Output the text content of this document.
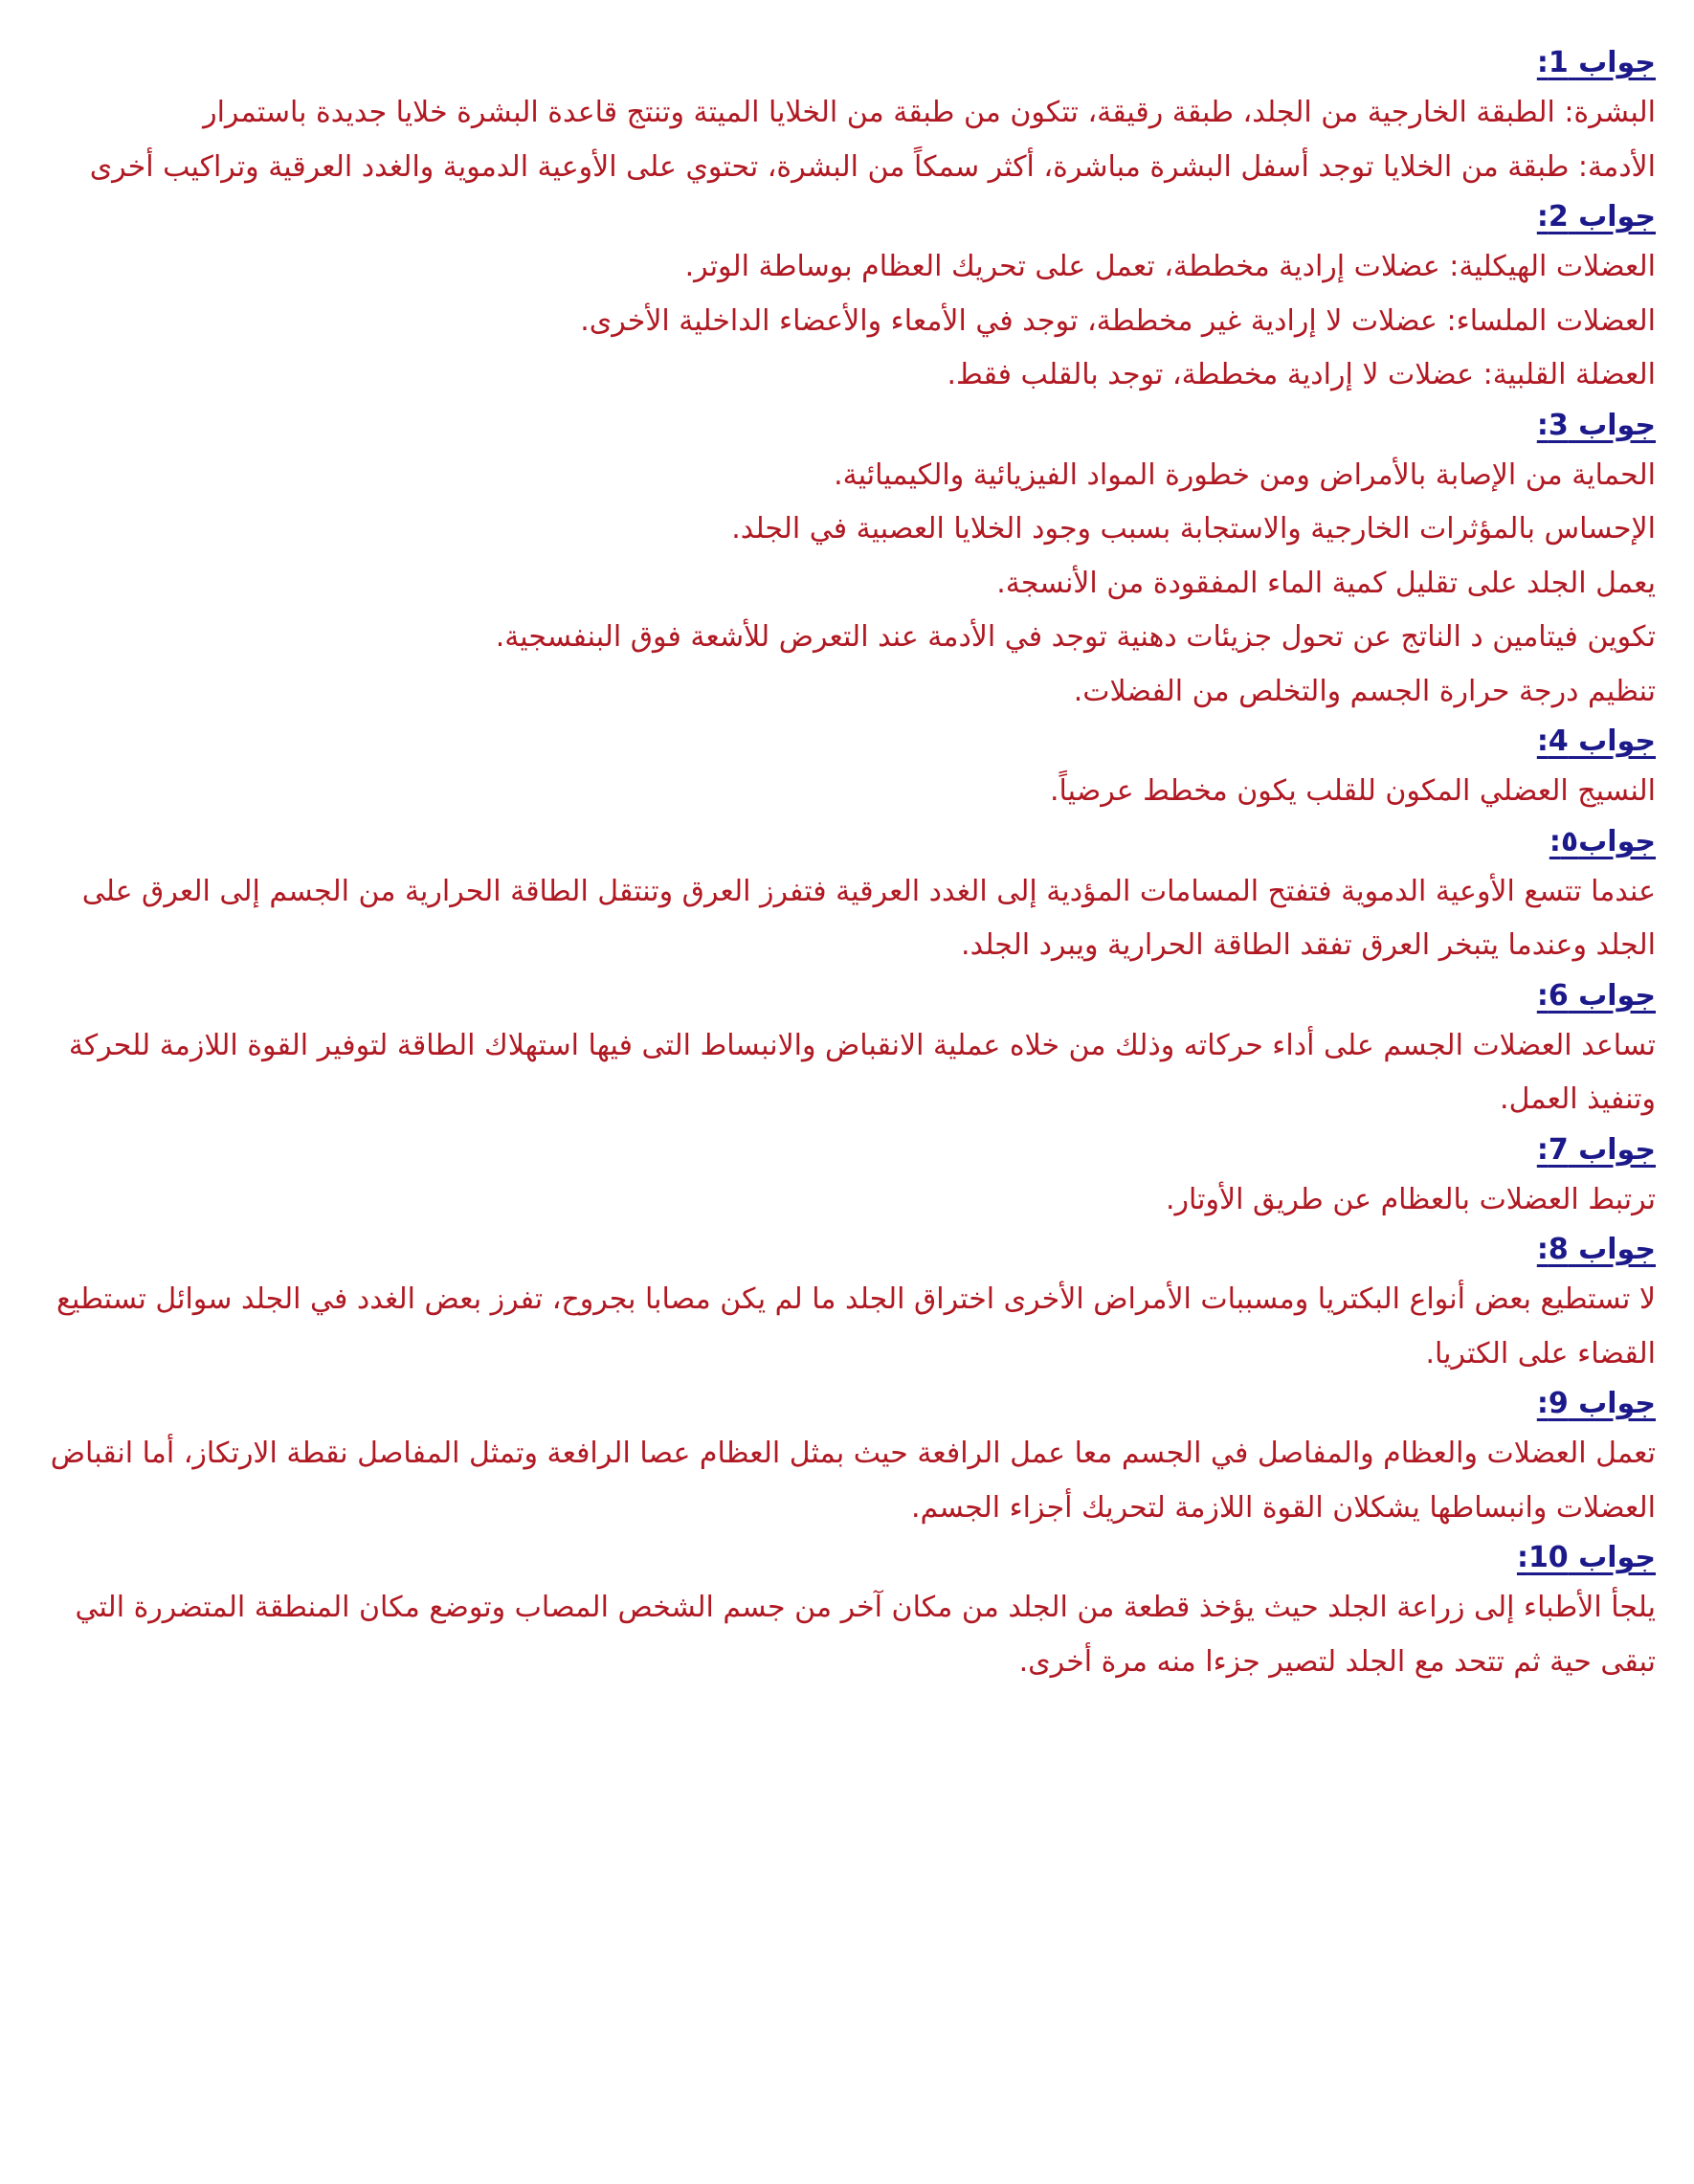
جواب 1:

البشرة: الطبقة الخارجية من الجلد، طبقة رقيقة، تتكون من طبقة من الخلايا الميتة وتنتج قاعدة البشرة خلايا جديدة باستمرار

الأدمة: طبقة من الخلايا توجد أسفل البشرة مباشرة، أكثر سمكاً من البشرة، تحتوي على الأوعية الدموية والغدد العرقية وتراكيب أخرى

جواب 2:

العضلات الهيكلية: عضلات إرادية مخططة، تعمل على تحريك العظام بوساطة الوتر.

العضلات الملساء: عضلات لا إرادية غير مخططة، توجد في الأمعاء والأعضاء الداخلية الأخرى.

العضلة القلبية: عضلات لا إرادية مخططة، توجد بالقلب فقط.

جواب 3:

الحماية من الإصابة بالأمراض ومن خطورة المواد الفيزيائية والكيميائية.

الإحساس بالمؤثرات الخارجية والاستجابة بسبب وجود الخلايا العصبية في الجلد.

يعمل الجلد على تقليل كمية الماء المفقودة من الأنسجة.

تكوين فيتامين د الناتج عن تحول جزيئات دهنية توجد في الأدمة عند التعرض للأشعة فوق البنفسجية.

تنظيم درجة حرارة الجسم والتخلص من الفضلات.

جواب 4:

النسيج العضلي المكون للقلب يكون مخطط عرضياً.

جواب٥:

عندما تتسع الأوعية الدموية فتفتح المسامات المؤدية إلى الغدد العرقية فتفرز العرق وتنتقل الطاقة الحرارية من الجسم إلى العرق على الجلد وعندما يتبخر العرق تفقد الطاقة الحرارية ويبرد الجلد.

جواب 6:

تساعد العضلات الجسم على أداء حركاته وذلك من خلاه عملية الانقباض والانبساط التى فيها استهلاك الطاقة لتوفير القوة اللازمة للحركة وتنفيذ العمل.

جواب 7:

ترتبط العضلات بالعظام عن طريق الأوتار.

جواب 8:

لا تستطيع بعض أنواع البكتريا ومسببات الأمراض الأخرى اختراق الجلد ما لم يكن مصابا بجروح، تفرز بعض الغدد في الجلد سوائل تستطيع القضاء على الكتريا.

جواب 9:

تعمل العضلات والعظام والمفاصل في الجسم معا عمل الرافعة حيث بمثل العظام عصا الرافعة وتمثل المفاصل نقطة الارتكاز، أما انقباض العضلات وانبساطها يشكلان القوة اللازمة لتحريك أجزاء الجسم.

جواب 10:

يلجأ الأطباء إلى زراعة الجلد حيث يؤخذ قطعة من الجلد من مكان آخر من جسم الشخص المصاب وتوضع مكان المنطقة المتضررة التي تبقى حية ثم تتحد مع الجلد لتصير جزءا منه مرة أخرى.
